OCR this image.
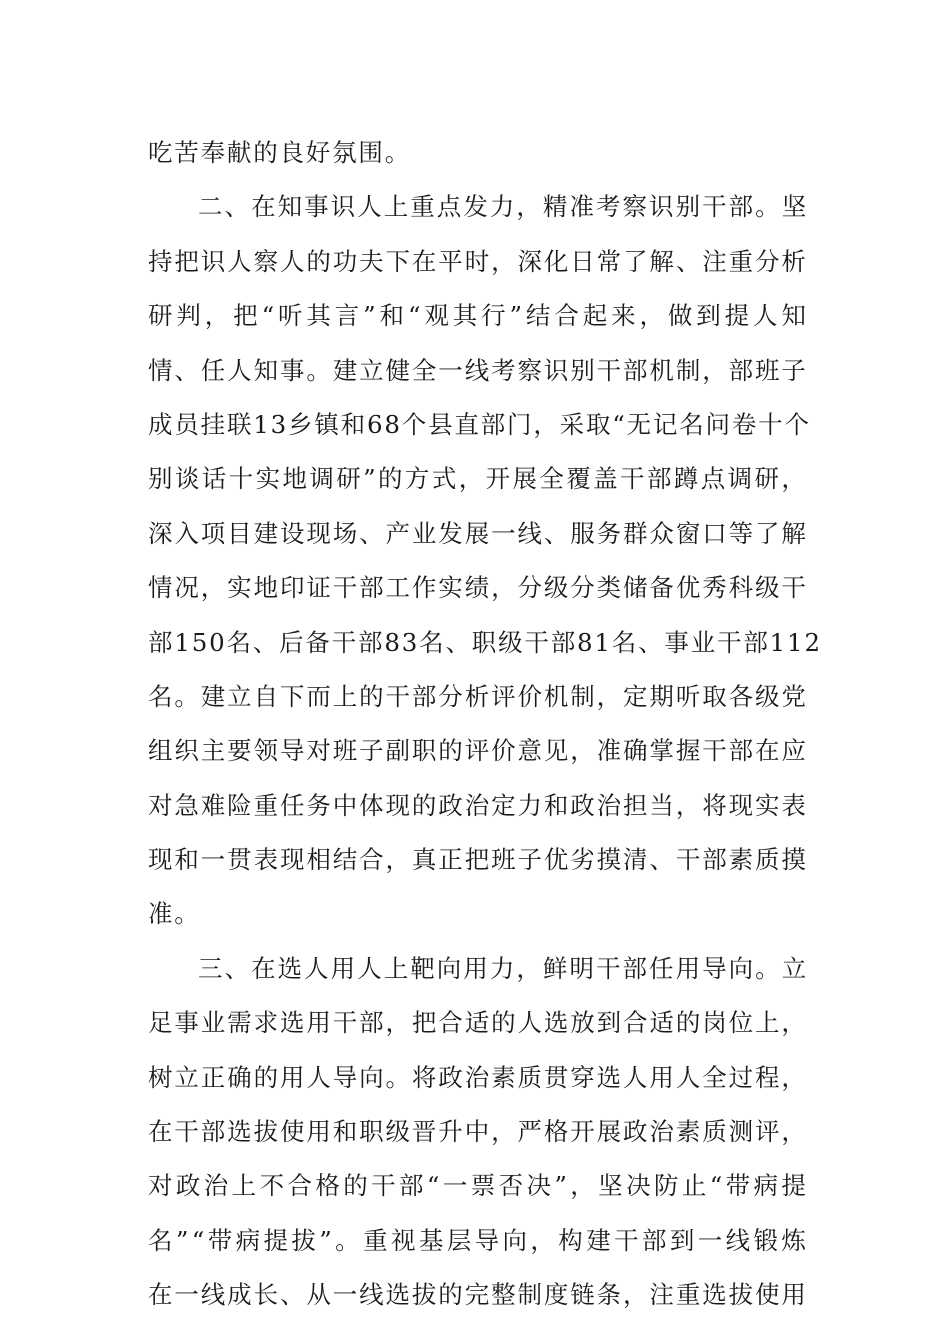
吃苦奉献的良好氛围。
二 、 在 知 事 识 人 上 重 点 发 力 ， 精 准 考 察 识 别 干 部 。 坚
持 把 识 人 察 人 的 功 夫 下 在 平 时 ， 深 化 日 常 了 解 、 注 重 分 析
研 判 ， 把 “ 听 其 言 ” 和 “ 观 其 行 ” 结 合 起 来 ， 做 到 提 人 知
情 、 任 人 知 事 。 建 立 健 全 一 线 考 察 识 别 干 部 机 制 ， 部 班 子
成 员 挂 联 13 乡 镇 和 68 个 县 直 部 门 ， 采 取 “ 无 记 名 问 卷 十 个
别 谈 话 十 实 地 调 研 ” 的 方 式 ， 开 展 全 覆 盖 干 部 蹲 点 调 研 ，
深 入 项 目 建 设 现 场 、 产 业 发 展 一 线 、 服 务 群 众 窗 口 等 了 解
情 况 ， 实 地 印 证 干 部 工 作 实 绩 ， 分 级 分 类 储 备 优 秀 科 级 干
部 150 名 、 后 备 干 部 83 名 、 职 级 干 部 81 名 、 事 业 干 部 112
名 。 建 立 自 下 而 上 的 干 部 分 析 评 价 机 制 ， 定 期 听 取 各 级 党
组 织 主 要 领 导 对 班 子 副 职 的 评 价 意 见 ， 准 确 掌 握 干 部 在 应
对 急 难 险 重 任 务 中 体 现 的 政 治 定 力 和 政 治 担 当 ， 将 现 实 表
现 和 一 贯 表 现 相 结 合 ， 真 正 把 班 子 优 劣 摸 清 、 干 部 素 质 摸
准。
三 、 在 选 人 用 人 上 靶 向 用 力 ， 鲜 明 干 部 任 用 导 向 。 立
足 事 业 需 求 选 用 干 部 ， 把 合 适 的 人 选 放 到 合 适 的 岗 位 上 ，
树 立 正 确 的 用 人 导 向 。 将 政 治 素 质 贯 穿 选 人 用 人 全 过 程 ，
在 干 部 选 拔 使 用 和 职 级 晋 升 中 ， 严 格 开 展 政 治 素 质 测 评 ，
对 政 治 上 不 合 格 的 干 部 “ 一 票 否 决 ” ， 坚 决 防 止 “ 带 病 提
名 ” “ 带 病 提 拔 ” 。 重 视 基 层 导 向 ， 构 建 干 部 到 一 线 锻 炼
在 一 线 成 长 、 从 一 线 选 拔 的 完 整 制 度 链 条 ， 注 重 选 拔 使 用
